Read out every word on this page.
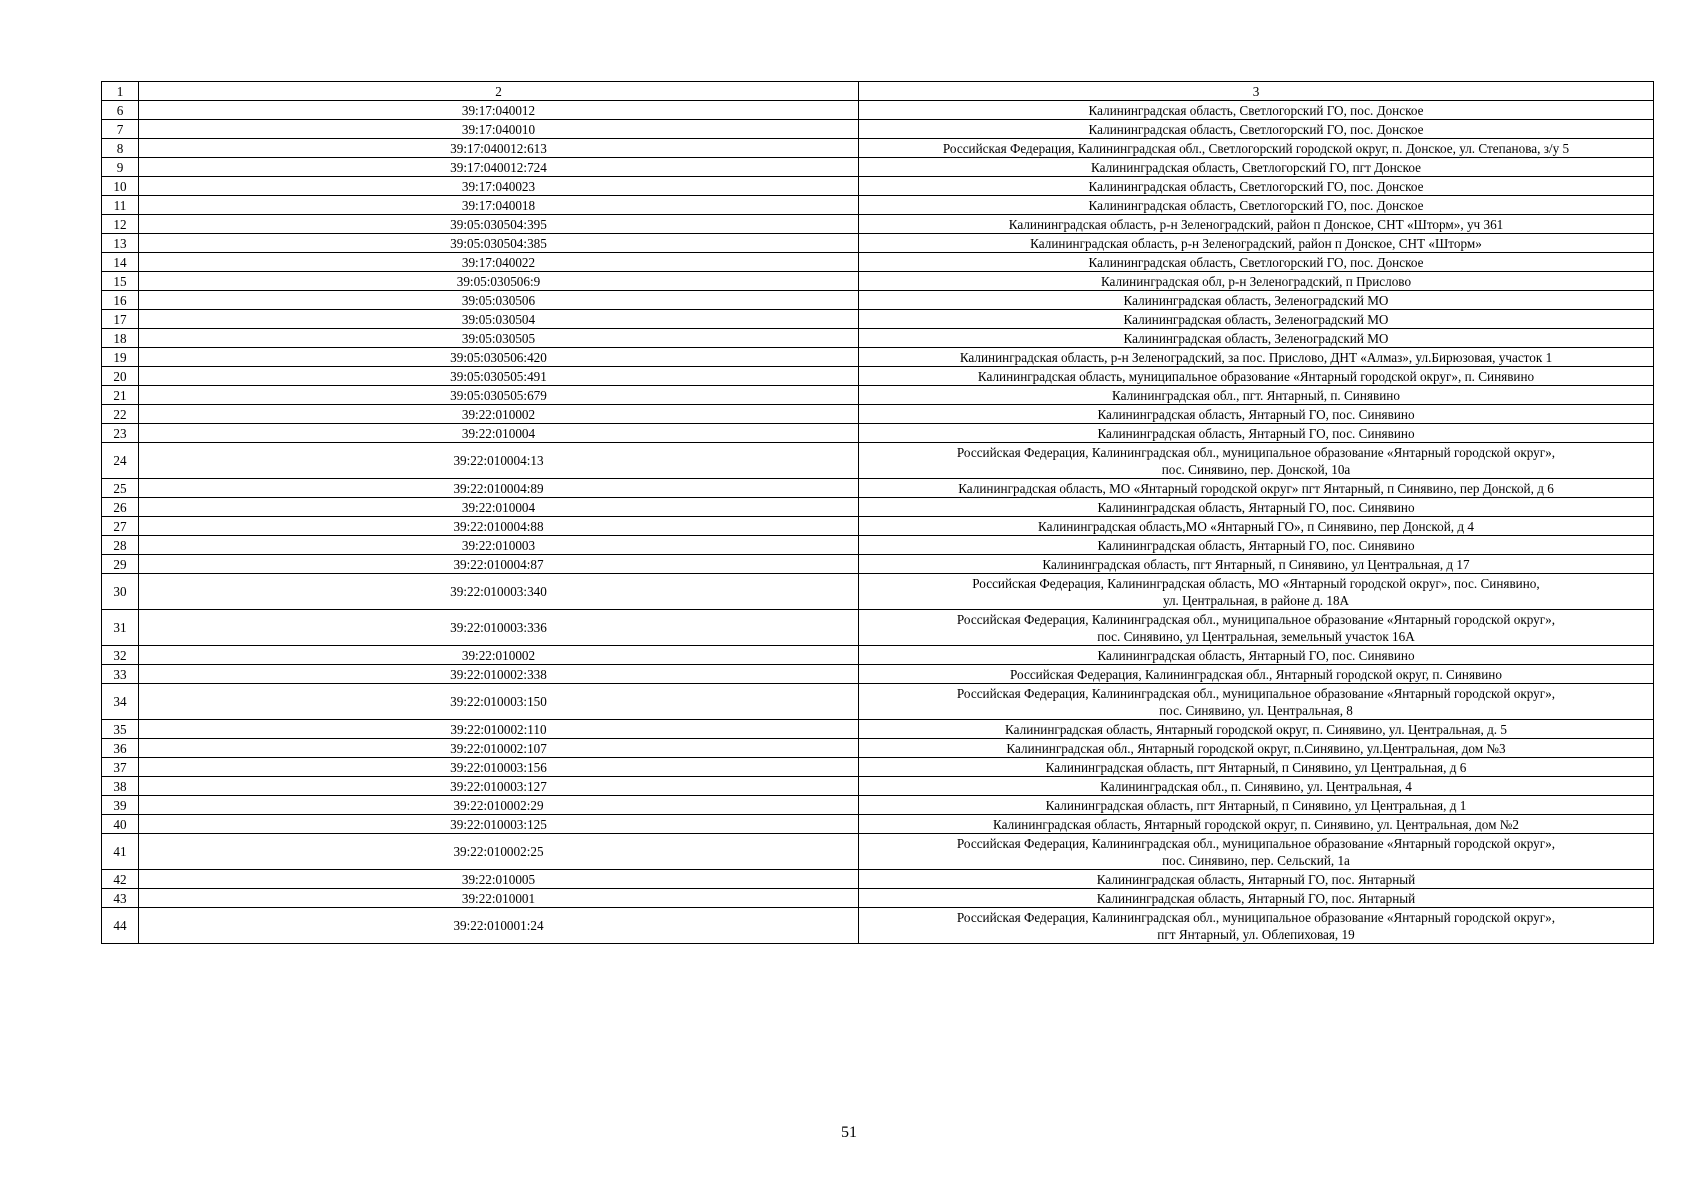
1	2	3
6	39:17:040012	Калининградская область, Светлогорский ГО, пос. Донское
7	39:17:040010	Калининградская область, Светлогорский ГО, пос. Донское
8	39:17:040012:613	Российская Федерация, Калининградская обл., Светлогорский городской округ, п. Донское, ул. Степанова, з/у 5
9	39:17:040012:724	Калининградская область, Светлогорский ГО, пгт Донское
10	39:17:040023	Калининградская область, Светлогорский ГО, пос. Донское
11	39:17:040018	Калининградская область, Светлогорский ГО, пос. Донское
12	39:05:030504:395	Калининградская область, р-н Зеленоградский, район п Донское, СНТ «Шторм», уч 361
13	39:05:030504:385	Калининградская область, р-н Зеленоградский, район п Донское, СНТ «Шторм»
14	39:17:040022	Калининградская область, Светлогорский ГО, пос. Донское
15	39:05:030506:9	Калининградская обл, р-н Зеленоградский, п Прислово
16	39:05:030506	Калининградская область, Зеленоградский МО
17	39:05:030504	Калининградская область, Зеленоградский МО
18	39:05:030505	Калининградская область, Зеленоградский МО
19	39:05:030506:420	Калининградская область, р-н Зеленоградский, за пос. Прислово, ДНТ «Алмаз», ул.Бирюзовая, участок 1
20	39:05:030505:491	Калининградская область, муниципальное образование «Янтарный городской округ», п. Синявино
21	39:05:030505:679	Калининградская обл., пгт. Янтарный, п. Синявино
22	39:22:010002	Калининградская область, Янтарный ГО, пос. Синявино
23	39:22:010004	Калининградская область, Янтарный ГО, пос. Синявино
24	39:22:010004:13	Российская Федерация, Калининградская обл., муниципальное образование «Янтарный городской округ»,
пос. Синявино, пер. Донской, 10а
25	39:22:010004:89	Калининградская область, МО «Янтарный городской округ» пгт Янтарный, п Синявино, пер Донской, д 6
26	39:22:010004	Калининградская область, Янтарный ГО, пос. Синявино
27	39:22:010004:88	Калининградская область,МО «Янтарный ГО», п Синявино, пер Донской, д 4
28	39:22:010003	Калининградская область, Янтарный ГО, пос. Синявино
29	39:22:010004:87	Калининградская область, пгт Янтарный, п Синявино, ул Центральная, д 17
30	39:22:010003:340	Российская Федерация, Калининградская область, МО «Янтарный городской округ», пос. Синявино,
ул. Центральная, в районе д. 18А
31	39:22:010003:336	Российская Федерация, Калининградская обл., муниципальное образование «Янтарный городской округ»,
пос. Синявино, ул Центральная, земельный участок 16А
32	39:22:010002	Калининградская область, Янтарный ГО, пос. Синявино
33	39:22:010002:338	Российская Федерация, Калининградская обл., Янтарный городской округ, п. Синявино
34	39:22:010003:150	Российская Федерация, Калининградская обл., муниципальное образование «Янтарный городской округ»,
пос. Синявино, ул. Центральная, 8
35	39:22:010002:110	Калининградская область, Янтарный городской округ, п. Синявино, ул. Центральная, д. 5
36	39:22:010002:107	Калининградская обл., Янтарный городской округ, п.Синявино, ул.Центральная, дом №3
37	39:22:010003:156	Калининградская область, пгт Янтарный, п Синявино, ул Центральная, д 6
38	39:22:010003:127	Калининградская обл., п. Синявино, ул. Центральная, 4
39	39:22:010002:29	Калининградская область, пгт Янтарный, п Синявино, ул Центральная, д 1
40	39:22:010003:125	Калининградская область, Янтарный городской округ, п. Синявино, ул. Центральная, дом №2
41	39:22:010002:25	Российская Федерация, Калининградская обл., муниципальное образование «Янтарный городской округ»,
пос. Синявино, пер. Сельский, 1а
42	39:22:010005	Калининградская область, Янтарный ГО, пос. Янтарный
43	39:22:010001	Калининградская область, Янтарный ГО, пос. Янтарный
44	39:22:010001:24	Российская Федерация, Калининградская обл., муниципальное образование «Янтарный городской округ»,
пгт Янтарный, ул. Облепиховая, 19
51
